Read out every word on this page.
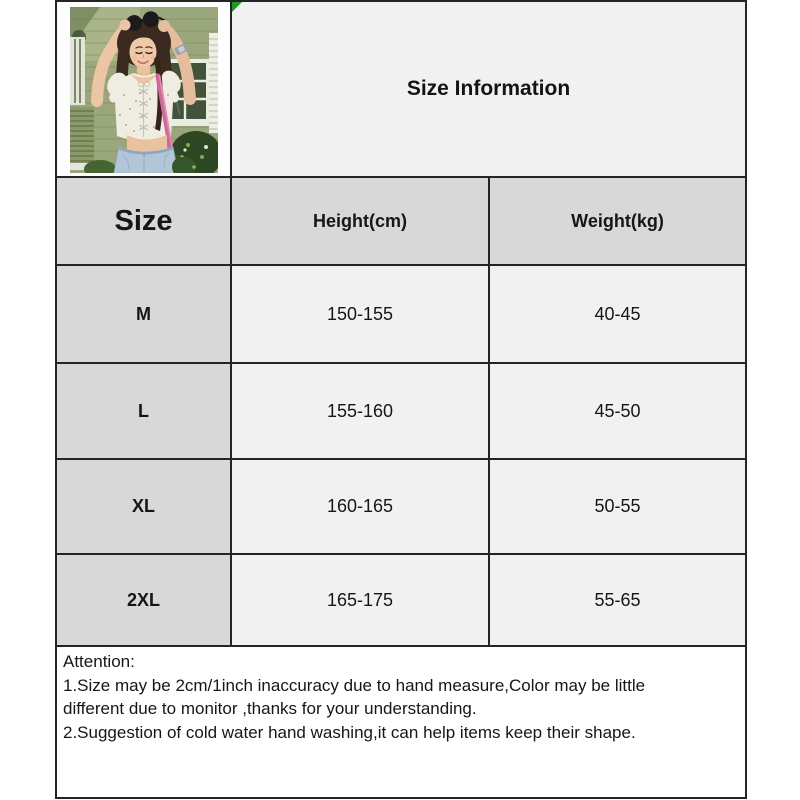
Size Information	
Size	Height(cm)	Weight(kg)
M	150-155	40-45
L	155-160	45-50
XL	160-165	50-55
2XL	165-175	55-65

Attention:
1.Size may be 2cm/1inch inaccuracy due to hand measure,Color may be little
different due to monitor ,thanks for your understanding.
2.Suggestion of cold water hand washing,it can help items keep their shape.		
